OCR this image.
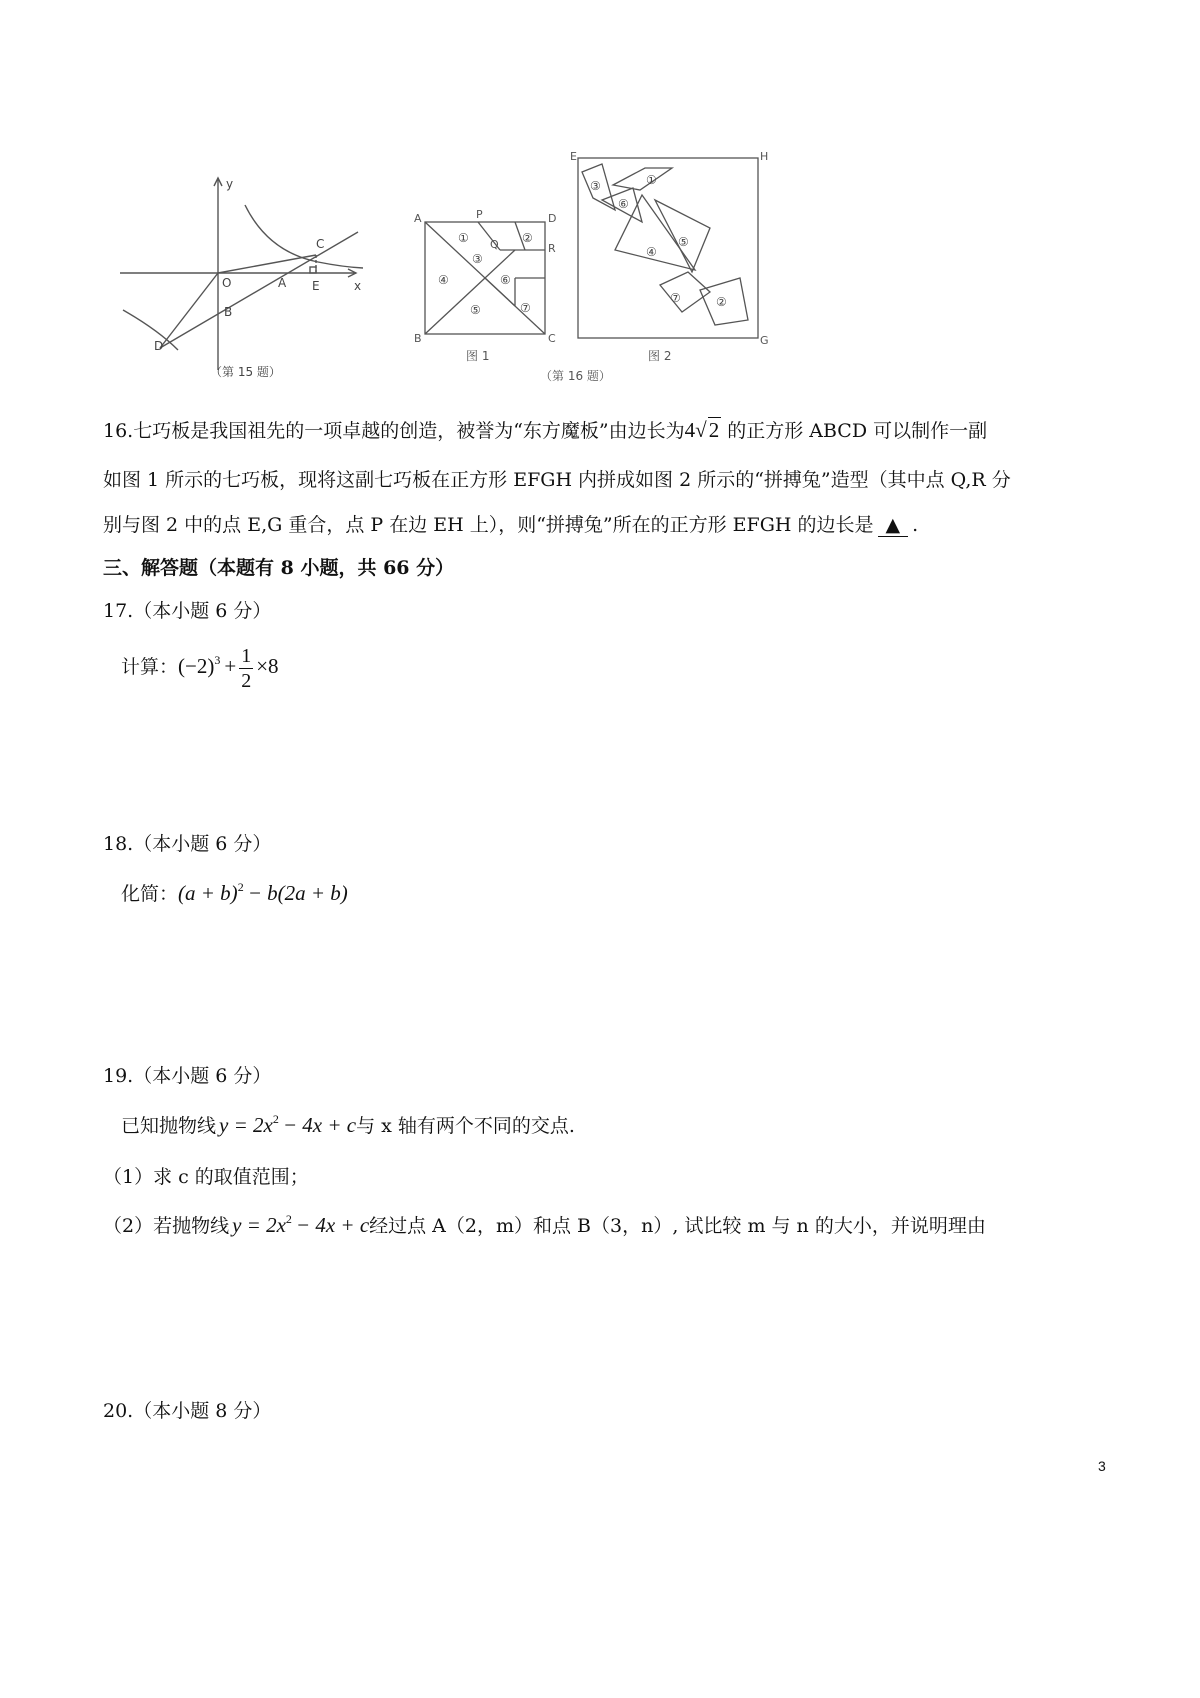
y
x
O	A E
C
B
D
（第 15 题）
A	P	D
Q	R
B	C
①	②
③
④	⑥
⑤	⑦
图 1
E	H
G
③	①
⑥
④
⑤
⑦	②
图 2
（第 16 题）
16.七巧板是我国祖先的一项卓越的创造，被誉为“东方魔板”由边长为4√2 的正方形 ABCD 可以制作一副
如图 1 所示的七巧板，现将这副七巧板在正方形 EFGH 内拼成如图 2 所示的“拼搏兔”造型（其中点 Q,R 分
别与图 2 中的点 E,G 重合，点 P 在边 EH 上），则“拼搏兔”所在的正方形 EFGH 的边长是 ▲ .
三、解答题（本题有 8 小题，共 66 分）
17.（本小题 6 分）
计算：$(-2)^3 + \frac{1}{2} \times 8$
18.（本小题 6 分）
化简：$(a + b)^2 - b(2a + b)$
19.（本小题 6 分）
已知抛物线 $y = 2x^2 - 4x + c$与 x 轴有两个不同的交点.
（1）求 c 的取值范围；
（2）若抛物线 $y = 2x^2 - 4x + c$经过点 A（2，m）和点 B（3，n）, 试比较 m 与 n 的大小，并说明理由
20.（本小题 8 分）
3
